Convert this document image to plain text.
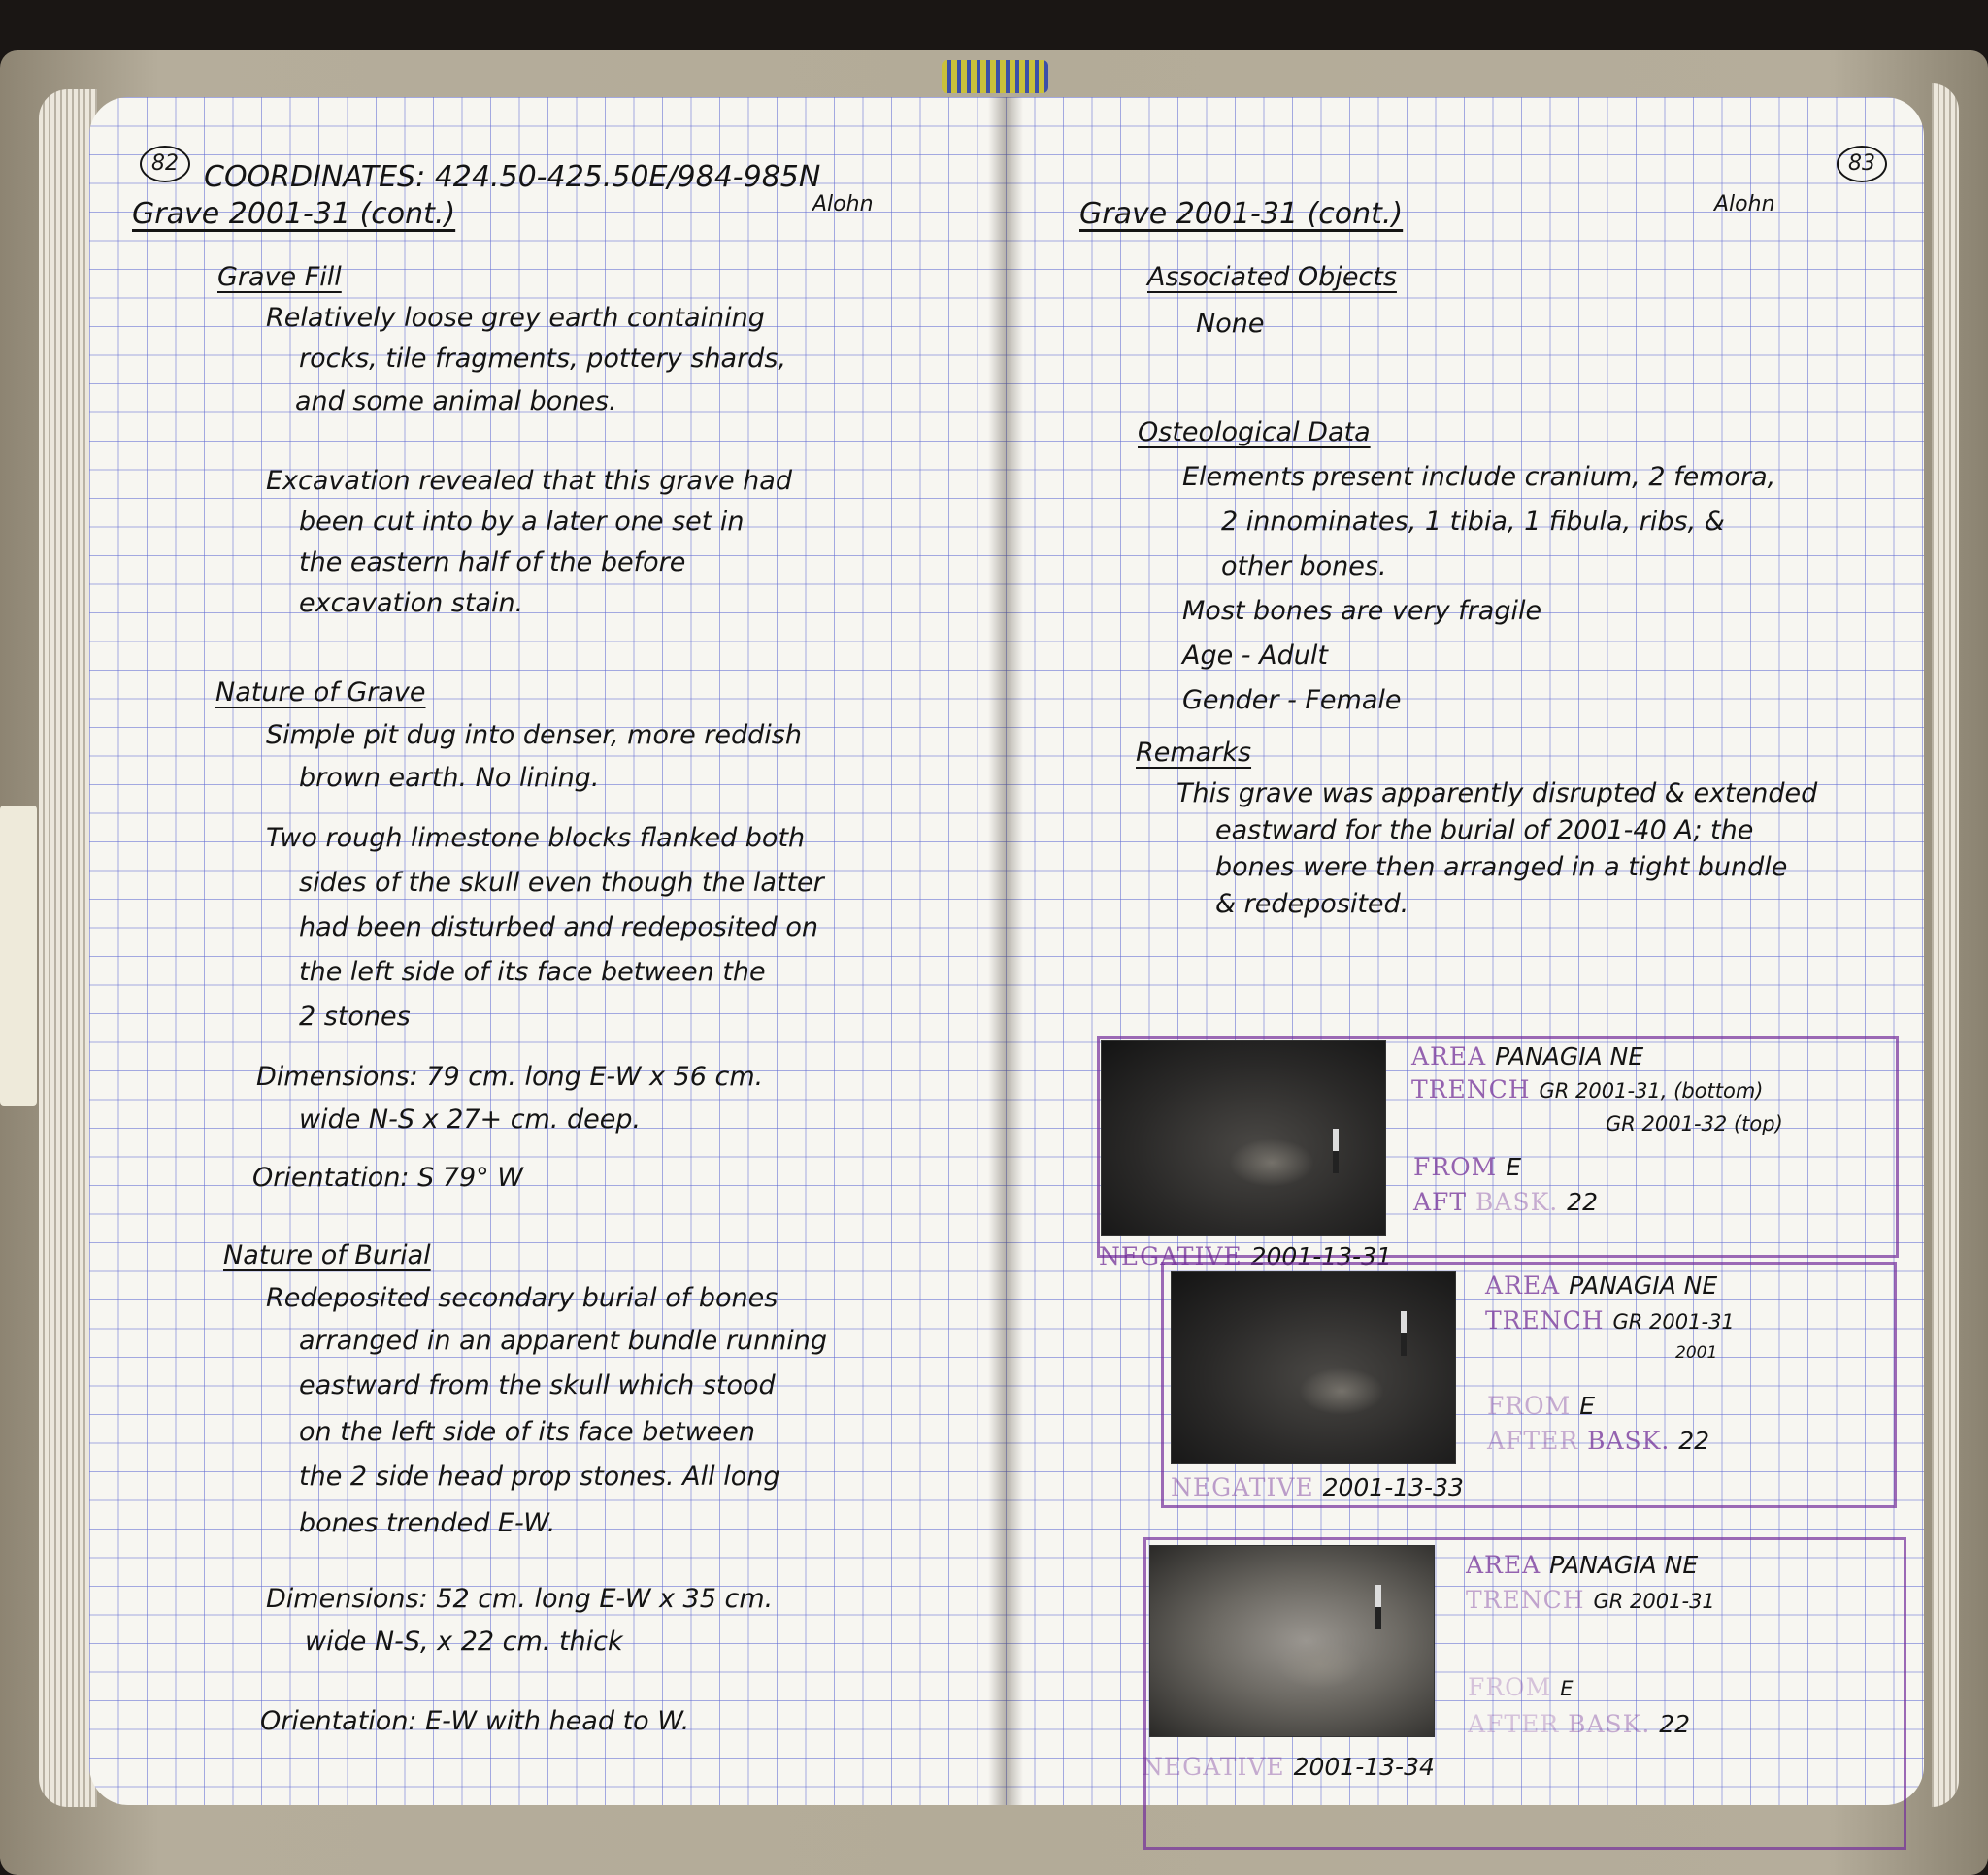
82 COORDINATES: 424.50-425.50E/984-985N
Grave 2001-31 (cont.)	Alohn
Grave Fill
Relatively loose grey earth containing
rocks, tile fragments, pottery shards,
and some animal bones.
Excavation revealed that this grave had
been cut into by a later one set in
the eastern half of the before
excavation stain.
Nature of Grave
Simple pit dug into denser, more reddish
brown earth. No lining.
Two rough limestone blocks flanked both
sides of the skull even though the latter
had been disturbed and redeposited on
the left side of its face between the
2 stones
Dimensions: 79 cm. long E-W x 56 cm.
wide N-S x 27+ cm. deep.
Orientation: S 79° W
Nature of Burial
Redeposited secondary burial of bones
arranged in an apparent bundle running
eastward from the skull which stood
on the left side of its face between
the 2 side head prop stones. All long
bones trended E-W.
Dimensions: 52 cm. long E-W x 35 cm.
wide N-S, x 22 cm. thick
Orientation: E-W with head to W.
83
Grave 2001-31 (cont.)	Alohn
Associated Objects
None
Osteological Data
Elements present include cranium, 2 femora,
2 innominates, 1 tibia, 1 fibula, ribs, &
other bones.
Most bones are very fragile
Age - Adult
Gender - Female
Remarks
This grave was apparently disrupted & extended
eastward for the burial of 2001-40 A; the
bones were then arranged in a tight bundle
& redeposited.
AREA PANAGIA NE
TRENCH GR 2001-31, (bottom)
GR 2001-32 (top)
FROM E
AFT BASK. 22
NEGATIVE 2001-13-31
AREA PANAGIA NE
TRENCH GR 2001-31
2001
FROM E
AFTER BASK. 22
NEGATIVE 2001-13-33
AREA PANAGIA NE
TRENCH GR 2001-31
FROM E
AFTER BASK. 22
NEGATIVE 2001-13-34
